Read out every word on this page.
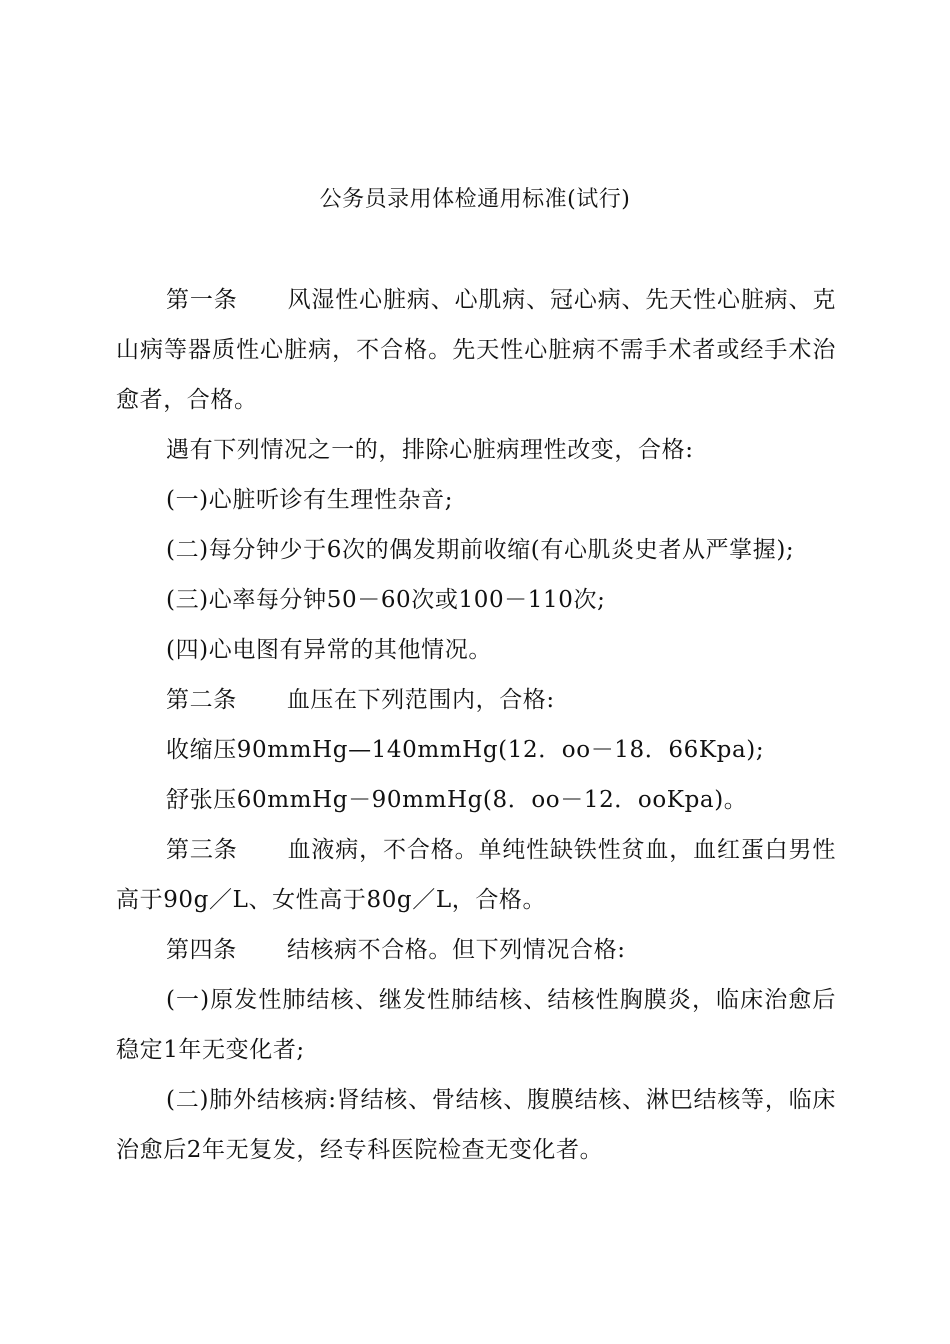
公务员录用体检通用标准(试行)

第一条 风湿性心脏病、心肌病、冠心病、先天性心脏病、克山病等器质性心脏病，不合格。先天性心脏病不需手术者或经手术治愈者，合格。

遇有下列情况之一的，排除心脏病理性改变，合格:

(一)心脏听诊有生理性杂音;

(二)每分钟少于6次的偶发期前收缩(有心肌炎史者从严掌握);

(三)心率每分钟50－60次或100－110次;

(四)心电图有异常的其他情况。

第二条 血压在下列范围内，合格:

收缩压90mmHg—140mmHg(12．oo－18．66Kpa);

舒张压60mmHg－90mmHg(8．oo－12．ooKpa)。

第三条 血液病，不合格。单纯性缺铁性贫血，血红蛋白男性高于90g／L、女性高于80g／L，合格。

第四条 结核病不合格。但下列情况合格:

(一)原发性肺结核、继发性肺结核、结核性胸膜炎，临床治愈后稳定1年无变化者;

(二)肺外结核病:肾结核、骨结核、腹膜结核、淋巴结核等，临床治愈后2年无复发，经专科医院检查无变化者。
